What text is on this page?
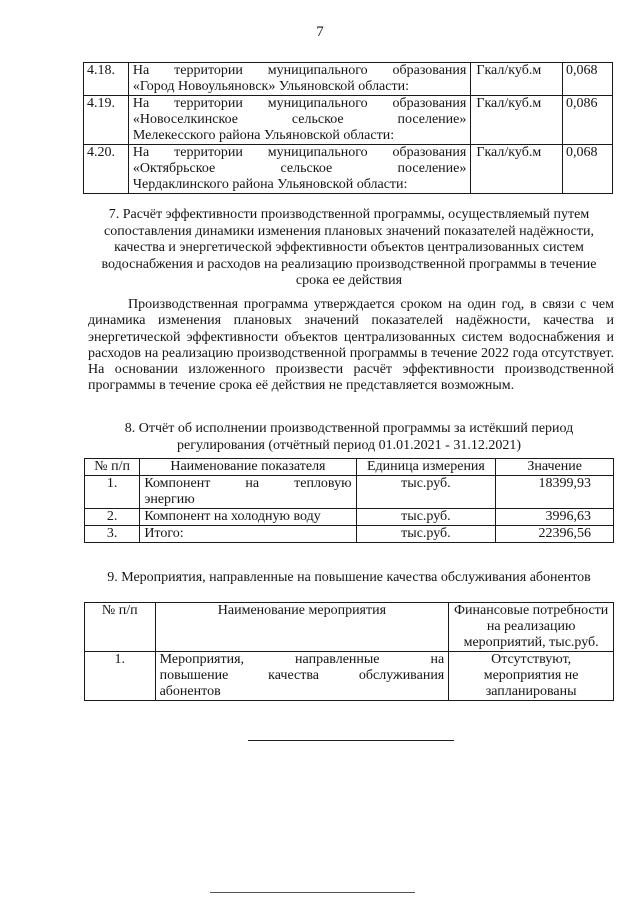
7
4.18.	На территории муниципального образования
«Город Новоульяновск» Ульяновской области:	Гкал/куб.м	0,068
4.19.	На территории муниципального образования
«Новоселкинское сельское поселение»
Мелекесского района Ульяновской области:	Гкал/куб.м	0,086
4.20.	На территории муниципального образования
«Октябрьское сельское поселение»
Чердаклинского района Ульяновской области:	Гкал/куб.м	0,068
7. Расчёт эффективности производственной программы, осуществляемый путем сопоставления динамики изменения плановых значений показателей надёжности, качества и энергетической эффективности объектов централизованных систем водоснабжения и расходов на реализацию производственной программы в течение срока ее действия
Производственная программа утверждается сроком на один год, в связи с чем динамика изменения плановых значений показателей надёжности, качества и энергетической эффективности объектов централизованных систем водоснабжения и расходов на реализацию производственной программы в течение 2022 года отсутствует. На основании изложенного произвести расчёт эффективности производственной программы в течение срока её действия не представляется возможным.
8. Отчёт об исполнении производственной программы за истёкший период регулирования (отчётный период 01.01.2021 - 31.12.2021)
№ п/п	Наименование показателя	Единица измерения	Значение
1.	Компонент на тепловую
энергию	тыс.руб.	18399,93
2.	Компонент на холодную воду	тыс.руб.	3996,63
3.	Итого:	тыс.руб.	22396,56
9. Мероприятия, направленные на повышение качества обслуживания абонентов
№ п/п	Наименование мероприятия	Финансовые потребности на реализацию мероприятий, тыс.руб.
1.	Мероприятия, направленные на
повышение качества обслуживания
абонентов	Отсутствуют, мероприятия не запланированы
